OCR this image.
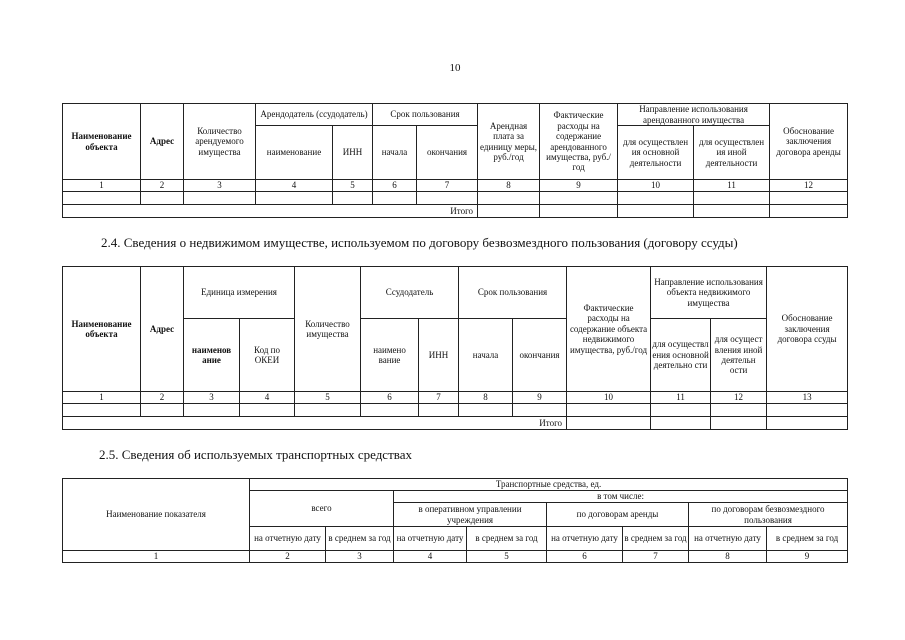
10
Наименование объекта	Адрес	Количество арендуемого имущества	Арендодатель (ссудодатель)		Срок пользования		Арендная плата за единицу меры, руб./год	Фактические расходы на содержание арендованного имущества, руб./год	Направление использования арендованного имущества		Обоснование заключения договора аренды
			наименование	ИНН	начала	окончания			для осуществлен ия основной деятельности	для осуществлен ия иной деятельности	
1	2	3	4	5	6	7	8	9	10	11	12

Итого											
2.4. Сведения о недвижимом имуществе, используемом по договору безвозмездного пользования (договору ссуды)
Наименование объекта	Адрес	Единица измерения		Количество имущества	Ссудодатель		Срок пользования		Фактические расходы на содержание объекта недвижимого имущества, руб./год	Направление использования объекта недвижимого имущества		Обоснование заключения договора ссуды
		наименов ание	Код по ОКЕИ		наимено вание	ИНН	начала	окончания		для осуществл ения основной деятельно сти	для осущест вления иной деятельн ости	
1	2	3	4	5	6	7	8	9	10	11	12	13

Итого												
2.5. Сведения об используемых транспортных средствах
Наименование показателя	Транспортные средства, ед.							
	всего		в том числе:					
			в оперативном управлении учреждения		по договорам аренды		по договорам безвозмездного пользования	
	на отчетную дату	в среднем за год	на отчетную дату	в среднем за год	на отчетную дату	в среднем за год	на отчетную дату	в среднем за год
1	2	3	4	5	6	7	8	9
